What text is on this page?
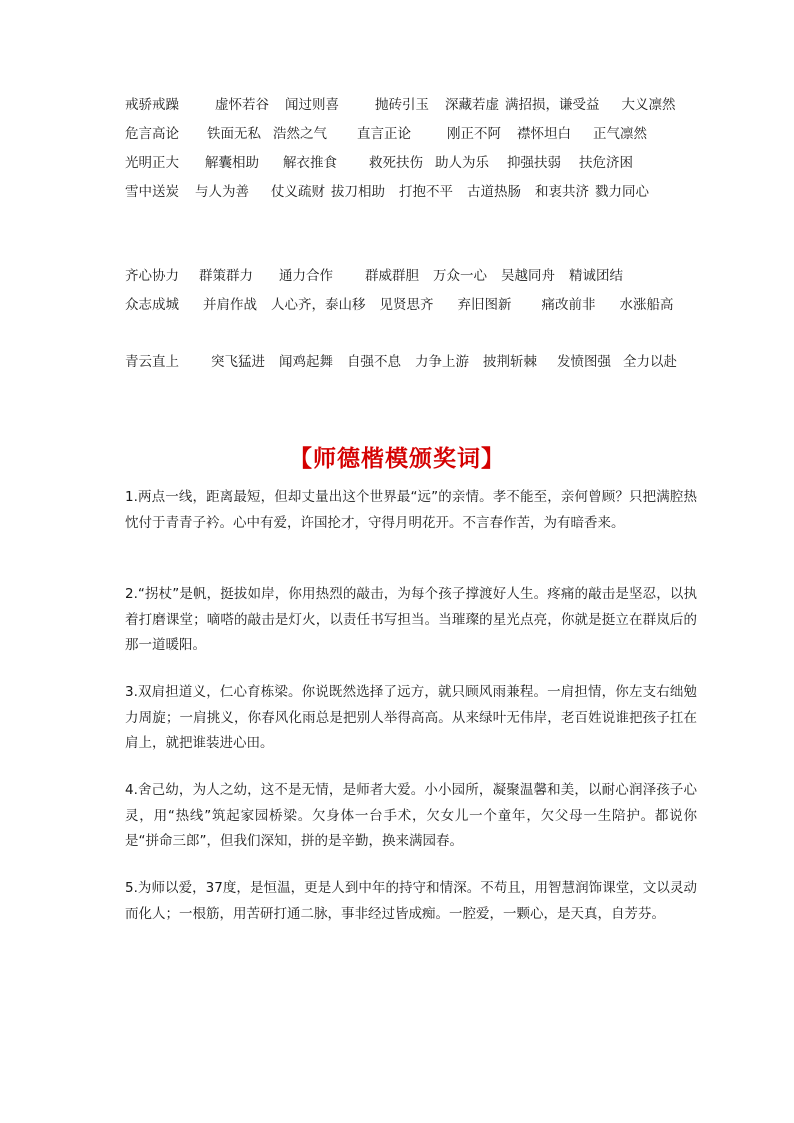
戒骄戒躁	虚怀若谷 闻过则喜	抛砖引玉 深藏若虚 满招损，谦受益 大义凛然
危言高论 铁面无私 浩然之气 直言正论	刚正不阿 襟怀坦白 正气凛然
光明正大 解囊相助 解衣推食 救死扶伤 助人为乐 抑强扶弱 扶危济困
雪中送炭 与人为善 仗义疏财 拔刀相助 打抱不平 古道热肠 和衷共济 戮力同心
齐心协力 群策群力 通力合作 群威群胆 万众一心 吴越同舟 精诚团结
众志成城 并肩作战 人心齐，泰山移 见贤思齐 弃旧图新 痛改前非 水涨船高
青云直上 突飞猛进 闻鸡起舞 自强不息 力争上游 披荆斩棘 发愤图强 全力以赴
【师德楷模颁奖词】
1.两点一线，距离最短，但却丈量出这个世界最“远”的亲情。孝不能至，亲何曾顾？只把满腔热忱付于青青子衿。心中有爱，许国抡才，守得月明花开。不言春作苦，为有暗香来。
2.“拐杖”是帆，挺拔如岸，你用热烈的敲击，为每个孩子撑渡好人生。疼痛的敲击是坚忍，以执着打磨课堂；嘀嗒的敲击是灯火，以责任书写担当。当璀璨的星光点亮，你就是挺立在群岚后的那一道暖阳。
3.双肩担道义，仁心育栋梁。你说既然选择了远方，就只顾风雨兼程。一肩担情，你左支右绌勉力周旋；一肩挑义，你春风化雨总是把别人举得高高。从来绿叶无伟岸，老百姓说谁把孩子扛在肩上，就把谁装进心田。
4.舍己幼，为人之幼，这不是无情，是师者大爱。小小园所，凝聚温馨和美，以耐心润泽孩子心灵，用“热线”筑起家园桥梁。欠身体一台手术，欠女儿一个童年，欠父母一生陪护。都说你是“拼命三郎”，但我们深知，拼的是辛勤，换来满园春。
5.为师以爱，37度，是恒温，更是人到中年的持守和情深。不苟且，用智慧润饰课堂，文以灵动而化人；一根筋，用苦研打通二脉，事非经过皆成痴。一腔爱，一颗心，是天真，自芳芬。
